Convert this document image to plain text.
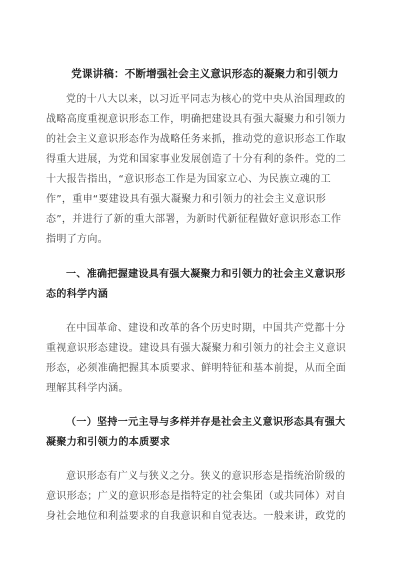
党课讲稿：不断增强社会主义意识形态的凝聚力和引领力
党的十八大以来，以习近平同志为核心的党中央从治国理政的
战略高度重视意识形态工作，明确把建设具有强大凝聚力和引领力
的社会主义意识形态作为战略任务来抓，推动党的意识形态工作取
得重大进展，为党和国家事业发展创造了十分有利的条件。党的二
十大报告指出，“意识形态工作是为国家立心、为民族立魂的工
作”，重申“要建设具有强大凝聚力和引领力的社会主义意识形
态”，并进行了新的重大部署，为新时代新征程做好意识形态工作
指明了方向。
一、准确把握建设具有强大凝聚力和引领力的社会主义意识形
态的科学内涵
在中国革命、建设和改革的各个历史时期，中国共产党都十分
重视意识形态建设。建设具有强大凝聚力和引领力的社会主义意识
形态，必须准确把握其本质要求、鲜明特征和基本前提，从而全面
理解其科学内涵。
（一）坚持一元主导与多样并存是社会主义意识形态具有强大
凝聚力和引领力的本质要求
意识形态有广义与狭义之分。狭义的意识形态是指统治阶级的
意识形态；广义的意识形态是指特定的社会集团（或共同体）对自
身社会地位和利益要求的自我意识和自觉表达。一般来讲，政党的
